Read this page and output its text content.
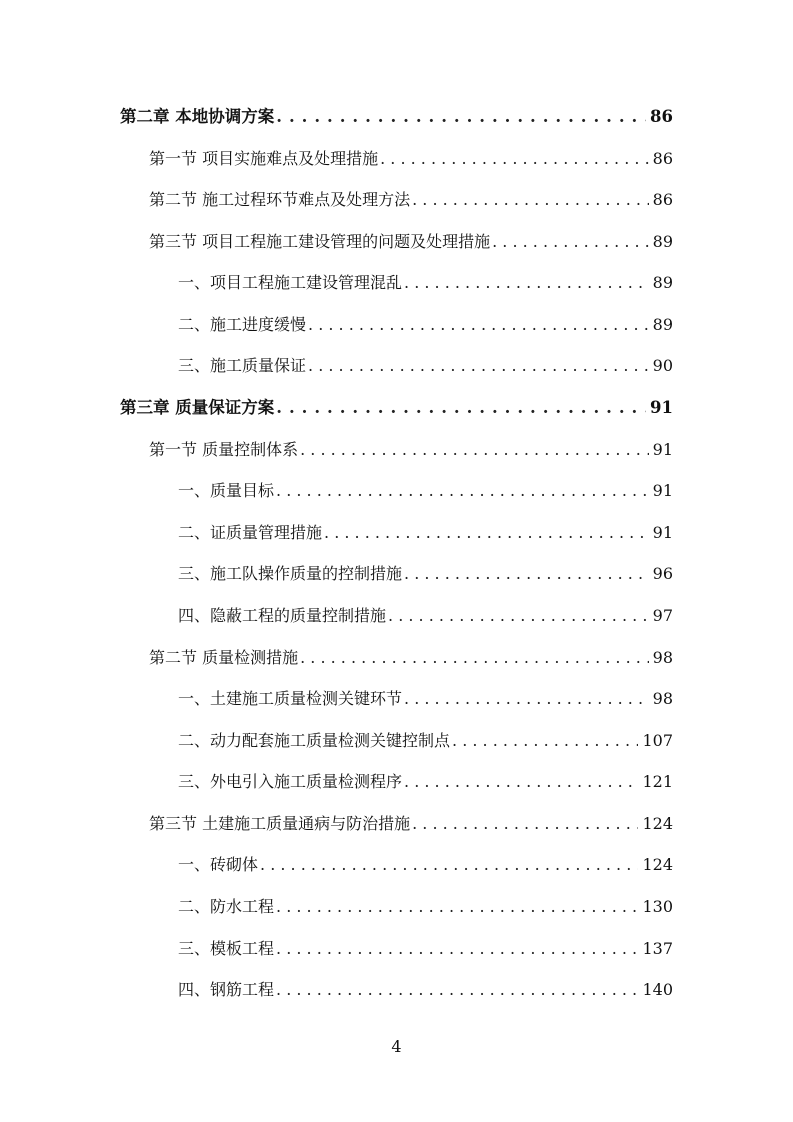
第二章 本地协调方案 . . .	86
第一节 项目实施难点及处理措施 . . .	86
第二节 施工过程环节难点及处理方法 . . .	86
第三节 项目工程施工建设管理的问题及处理措施 . . .	89
一、项目工程施工建设管理混乱 . . .	89
二、施工进度缓慢 . . .	89
三、施工质量保证 . . .	90
第三章 质量保证方案 . . .	91
第一节 质量控制体系 . . .	91
一、质量目标 . . .	91
二、证质量管理措施 . . .	91
三、施工队操作质量的控制措施 . . .	96
四、隐蔽工程的质量控制措施 . . .	97
第二节 质量检测措施 . . .	98
一、土建施工质量检测关键环节 . . .	98
二、动力配套施工质量检测关键控制点 . . .	107
三、外电引入施工质量检测程序 . . .	121
第三节 土建施工质量通病与防治措施 . . .	124
一、砖砌体 . . .	124
二、防水工程 . . .	130
三、模板工程 . . .	137
四、钢筋工程 . . .	140
4
